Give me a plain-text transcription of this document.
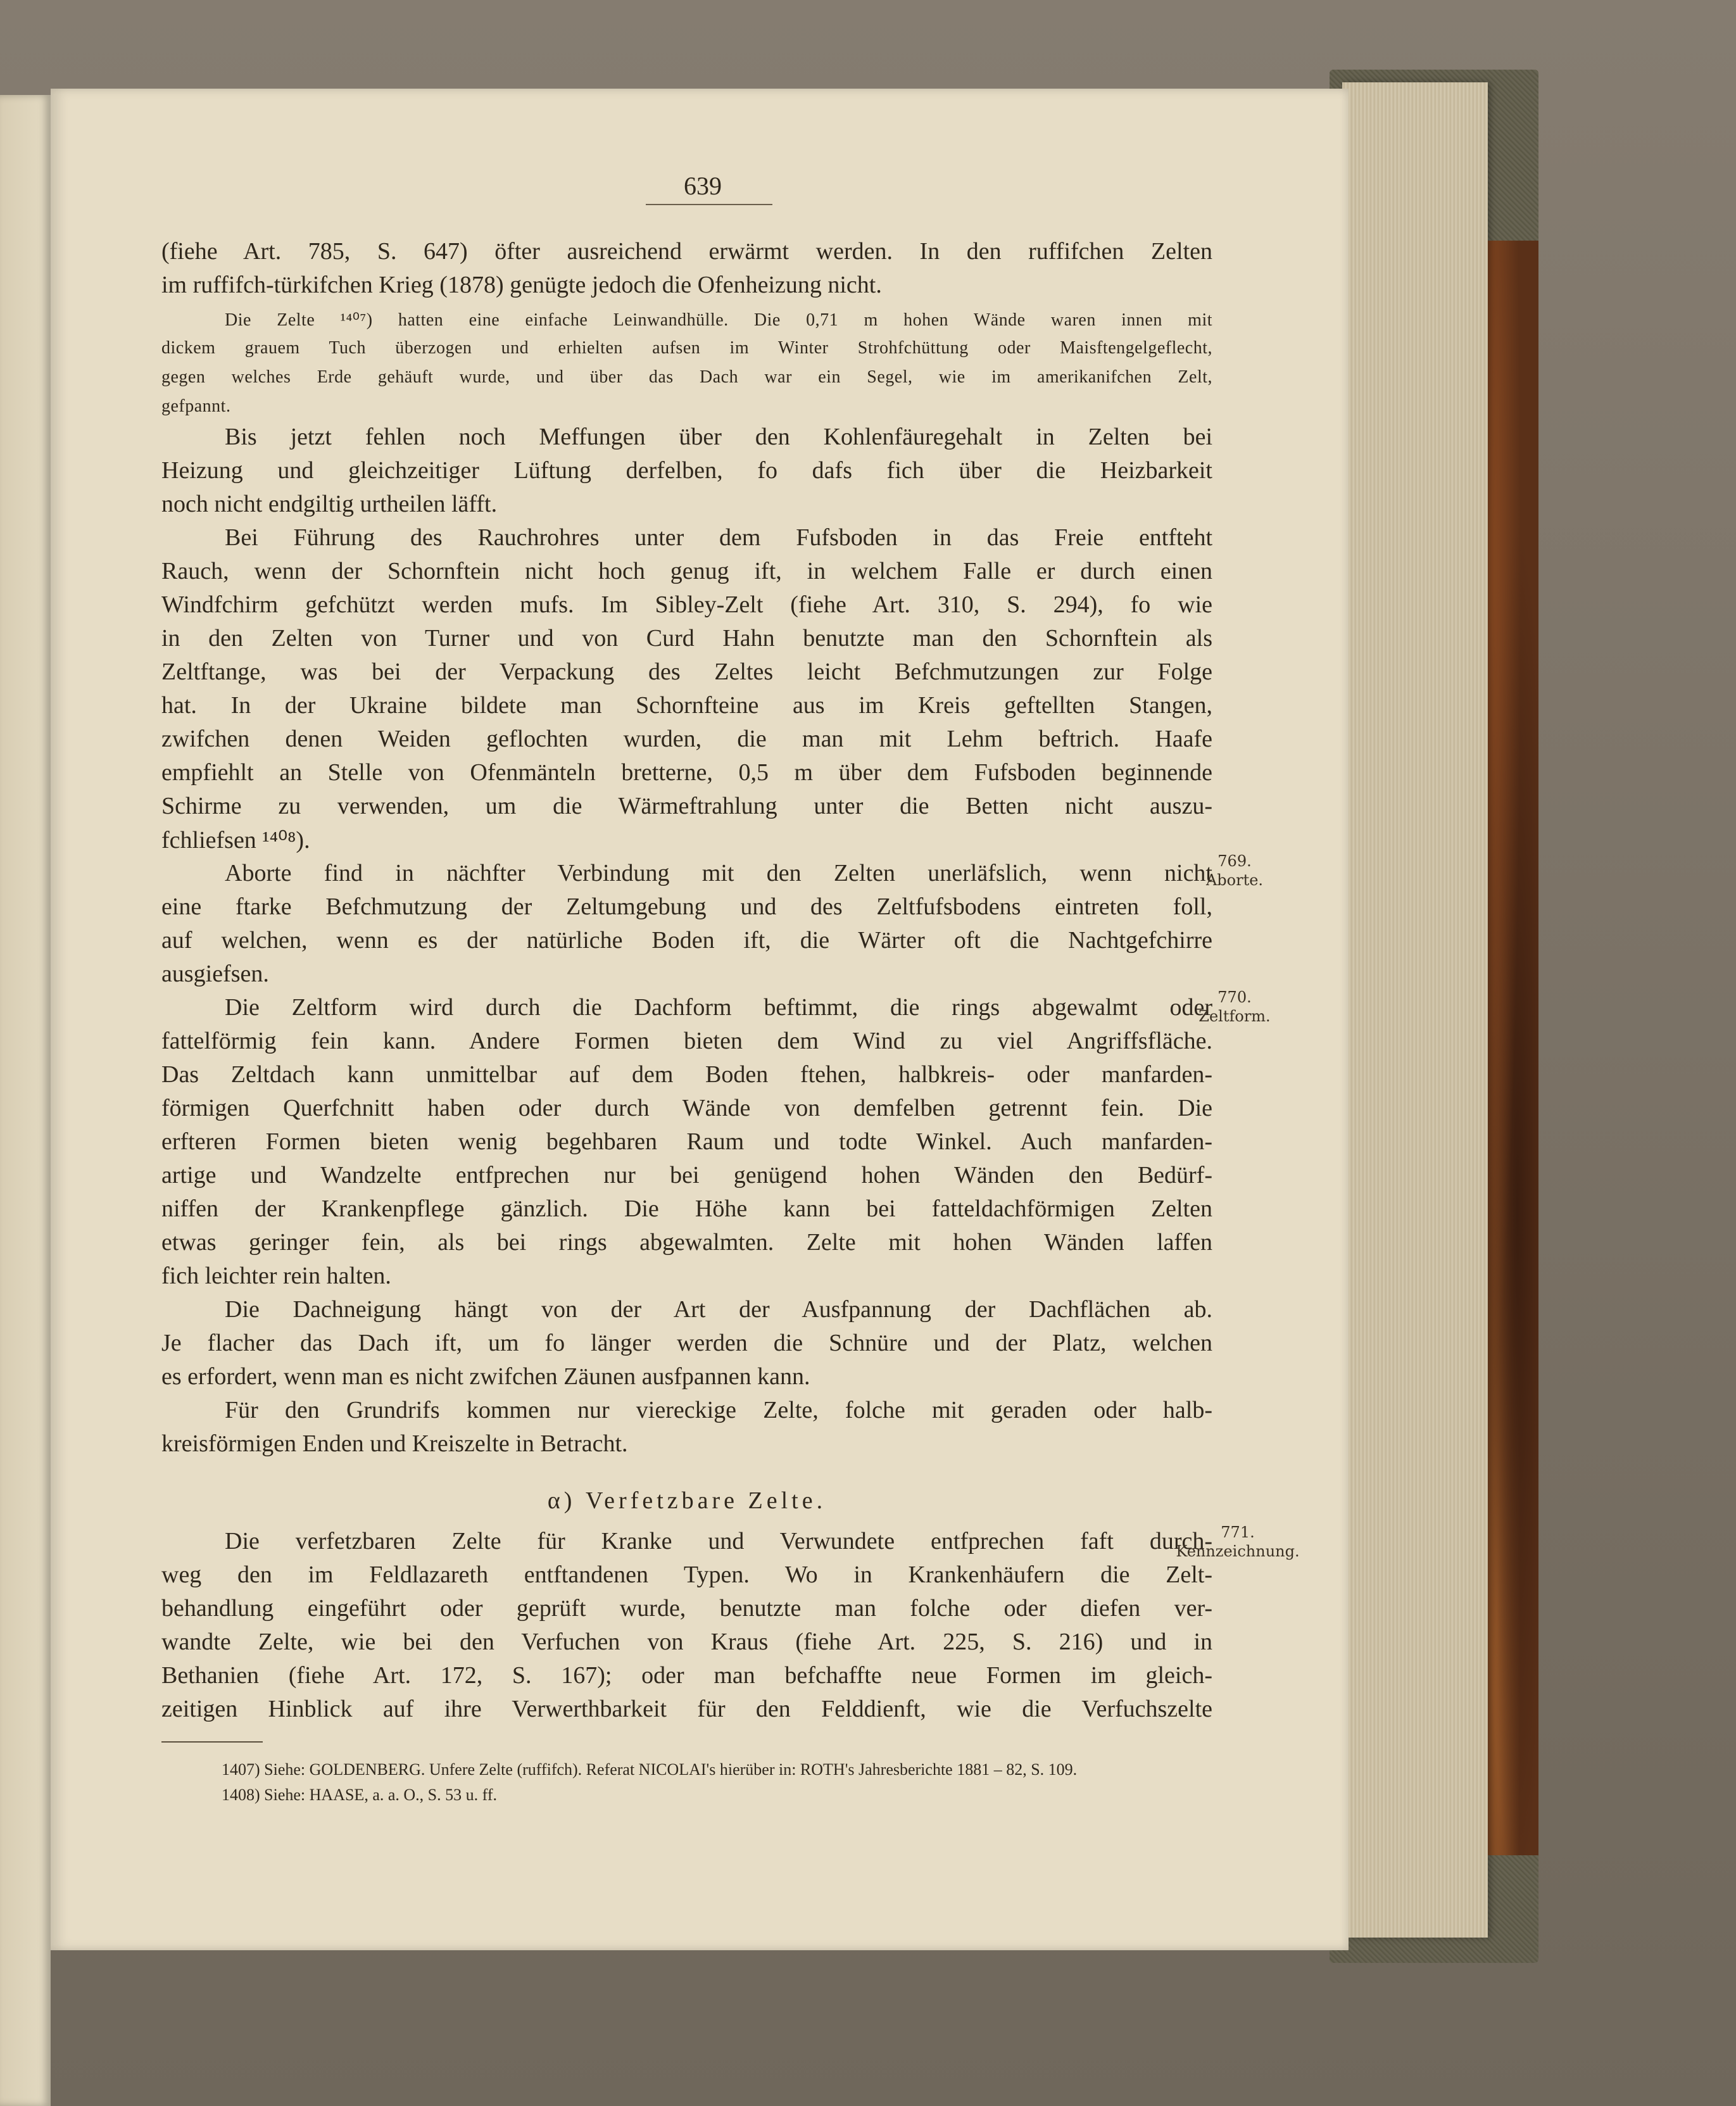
639
(fiehe Art. 785, S. 647) öfter ausreichend erwärmt werden. In den ruffifchen Zelten
im ruffifch-türkifchen Krieg (1878) genügte jedoch die Ofenheizung nicht.
Die Zelte ¹⁴⁰⁷) hatten eine einfache Leinwandhülle. Die 0,71 m hohen Wände waren innen mit
dickem grauem Tuch überzogen und erhielten aufsen im Winter Strohfchüttung oder Maisftengelgeflecht,
gegen welches Erde gehäuft wurde, und über das Dach war ein Segel, wie im amerikanifchen Zelt,
gefpannt.
Bis jetzt fehlen noch Meffungen über den Kohlenfäuregehalt in Zelten bei
Heizung und gleichzeitiger Lüftung derfelben, fo dafs fich über die Heizbarkeit
noch nicht endgiltig urtheilen läfft.
Bei Führung des Rauchrohres unter dem Fufsboden in das Freie entfteht
Rauch, wenn der Schornftein nicht hoch genug ift, in welchem Falle er durch einen
Windfchirm gefchützt werden mufs. Im Sibley-Zelt (fiehe Art. 310, S. 294), fo wie
in den Zelten von Turner und von Curd Hahn benutzte man den Schornftein als
Zeltftange, was bei der Verpackung des Zeltes leicht Befchmutzungen zur Folge
hat. In der Ukraine bildete man Schornfteine aus im Kreis geftellten Stangen,
zwifchen denen Weiden geflochten wurden, die man mit Lehm beftrich. Haafe
empfiehlt an Stelle von Ofenmänteln bretterne, 0,5 m über dem Fufsboden beginnende
Schirme zu verwenden, um die Wärmeftrahlung unter die Betten nicht auszu-
fchliefsen ¹⁴⁰⁸).
Aborte find in nächfter Verbindung mit den Zelten unerläfslich, wenn nicht
eine ftarke Befchmutzung der Zeltumgebung und des Zeltfufsbodens eintreten foll,
auf welchen, wenn es der natürliche Boden ift, die Wärter oft die Nachtgefchirre
ausgiefsen.
Die Zeltform wird durch die Dachform beftimmt, die rings abgewalmt oder
fattelförmig fein kann. Andere Formen bieten dem Wind zu viel Angriffsfläche.
Das Zeltdach kann unmittelbar auf dem Boden ftehen, halbkreis- oder manfarden-
förmigen Querfchnitt haben oder durch Wände von demfelben getrennt fein. Die
erfteren Formen bieten wenig begehbaren Raum und todte Winkel. Auch manfarden-
artige und Wandzelte entfprechen nur bei genügend hohen Wänden den Bedürf-
niffen der Krankenpflege gänzlich. Die Höhe kann bei fatteldachförmigen Zelten
etwas geringer fein, als bei rings abgewalmten. Zelte mit hohen Wänden laffen
fich leichter rein halten.
Die Dachneigung hängt von der Art der Ausfpannung der Dachflächen ab.
Je flacher das Dach ift, um fo länger werden die Schnüre und der Platz, welchen
es erfordert, wenn man es nicht zwifchen Zäunen ausfpannen kann.
Für den Grundrifs kommen nur viereckige Zelte, folche mit geraden oder halb-
kreisförmigen Enden und Kreiszelte in Betracht.
α) Verfetzbare Zelte.
Die verfetzbaren Zelte für Kranke und Verwundete entfprechen faft durch-
weg den im Feldlazareth entftandenen Typen. Wo in Krankenhäufern die Zelt-
behandlung eingeführt oder geprüft wurde, benutzte man folche oder diefen ver-
wandte Zelte, wie bei den Verfuchen von Kraus (fiehe Art. 225, S. 216) und in
Bethanien (fiehe Art. 172, S. 167); oder man befchaffte neue Formen im gleich-
zeitigen Hinblick auf ihre Verwerthbarkeit für den Felddienft, wie die Verfuchszelte
769.
Aborte.
770.
Zeltform.
771.
Kennzeichnung.
1407) Siehe: GOLDENBERG. Unfere Zelte (ruffifch). Referat NICOLAI's hierüber in: ROTH's Jahresberichte 1881 – 82, S. 109.
1408) Siehe: HAASE, a. a. O., S. 53 u. ff.
